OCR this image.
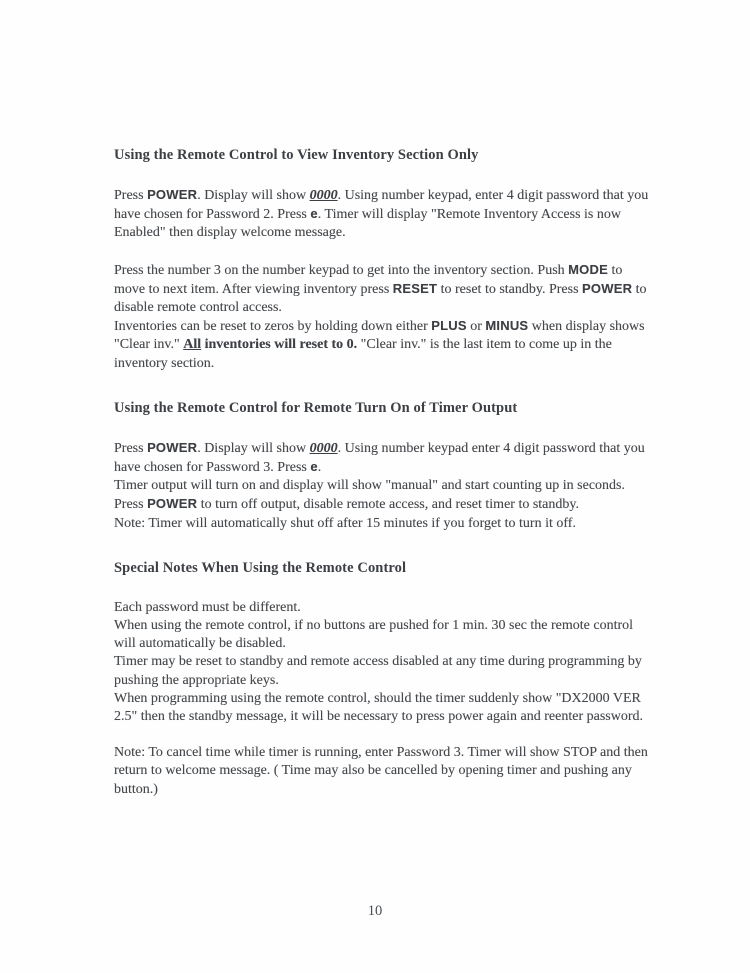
Using the Remote Control to View Inventory Section Only

Press POWER. Display will show 0000. Using number keypad, enter 4 digit password that you have chosen for Password 2. Press e. Timer will display "Remote Inventory Access is now Enabled" then display welcome message.

Press the number 3 on the number keypad to get into the inventory section. Push MODE to move to next item. After viewing inventory press RESET to reset to standby. Press POWER to disable remote control access.

Inventories can be reset to zeros by holding down either PLUS or MINUS when display shows "Clear inv." All inventories will reset to 0. "Clear inv." is the last item to come up in the inventory section.

Using the Remote Control for Remote Turn On of Timer Output

Press POWER. Display will show 0000. Using number keypad enter 4 digit password that you have chosen for Password 3. Press e.

Timer output will turn on and display will show "manual" and start counting up in seconds. Press POWER to turn off output, disable remote access, and reset timer to standby.

Note: Timer will automatically shut off after 15 minutes if you forget to turn it off.

Special Notes When Using the Remote Control

Each password must be different.

When using the remote control, if no buttons are pushed for 1 min. 30 sec the remote control will automatically be disabled.

Timer may be reset to standby and remote access disabled at any time during programming by pushing the appropriate keys.

When programming using the remote control, should the timer suddenly show "DX2000 VER 2.5" then the standby message, it will be necessary to press power again and reenter password.

Note: To cancel time while timer is running, enter Password 3. Timer will show STOP and then return to welcome message. ( Time may also be cancelled by opening timer and pushing any button.)

10
